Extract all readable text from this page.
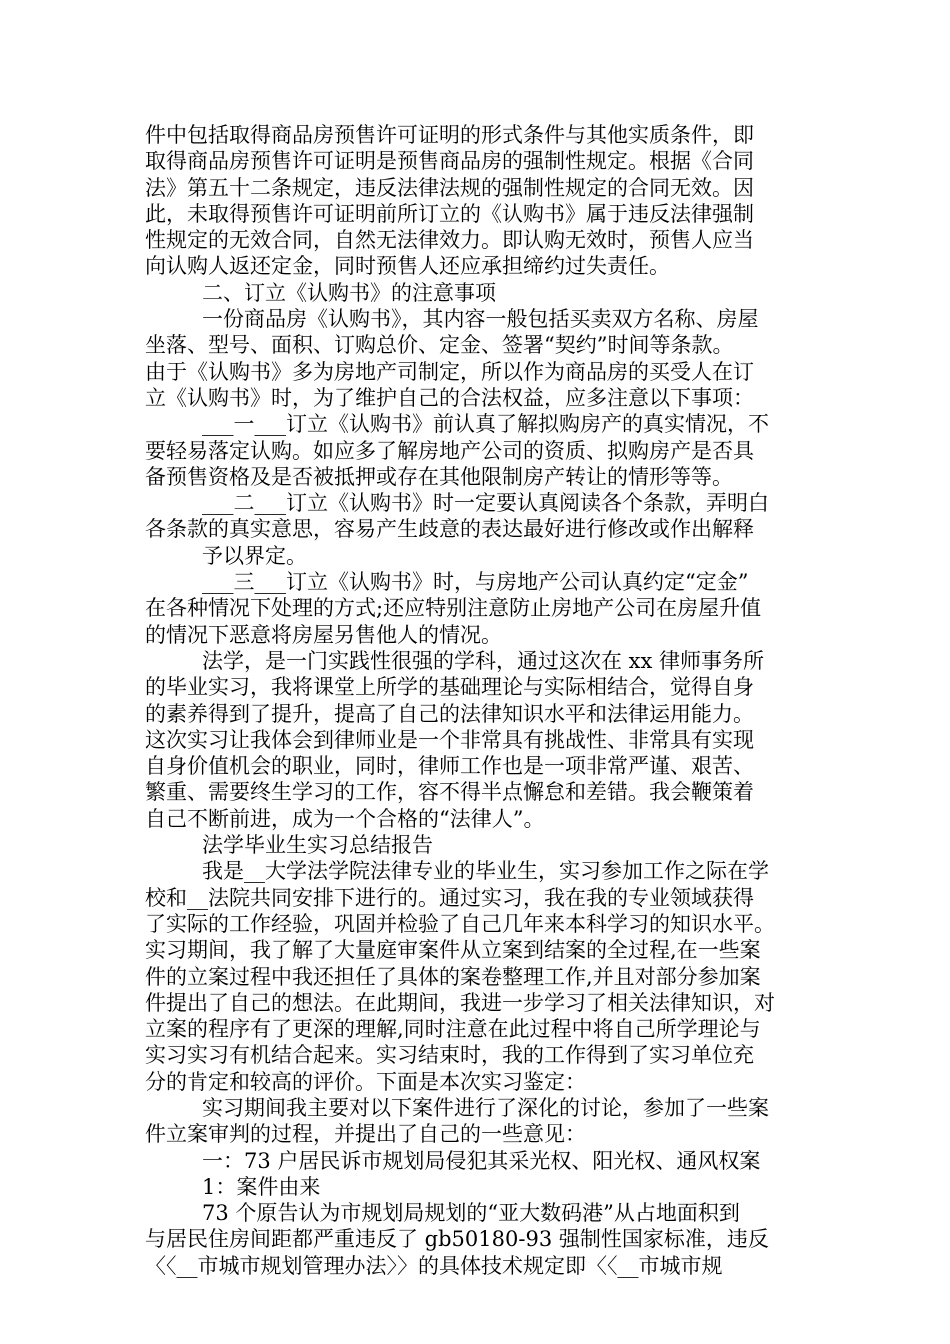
件中包括取得商品房预售许可证明的形式条件与其他实质条件，即
取得商品房预售许可证明是预售商品房的强制性规定。根据《合同
法》第五十二条规定，违反法律法规的强制性规定的合同无效。因
此，未取得预售许可证明前所订立的《认购书》属于违反法律强制
性规定的无效合同，自然无法律效力。即认购无效时，预售人应当
向认购人返还定金，同时预售人还应承担缔约过失责任。
二、订立《认购书》的注意事项
一份商品房《认购书》，其内容一般包括买卖双方名称、房屋
坐落、型号、面积、订购总价、定金、签署“契约”时间等条款。
由于《认购书》多为房地产司制定，所以作为商品房的买受人在订
立《认购书》时，为了维护自己的合法权益，应多注意以下事项：
___一___订立《认购书》前认真了解拟购房产的真实情况，不
要轻易落定认购。如应多了解房地产公司的资质、拟购房产是否具
备预售资格及是否被抵押或存在其他限制房产转让的情形等等。
___二___订立《认购书》时一定要认真阅读各个条款，弄明白
各条款的真实意思，容易产生歧意的表达最好进行修改或作出解释
予以界定。
___三___订立《认购书》时，与房地产公司认真约定“定金”
在各种情况下处理的方式;还应特别注意防止房地产公司在房屋升值
的情况下恶意将房屋另售他人的情况。
法学，是一门实践性很强的学科，通过这次在 xx 律师事务所
的毕业实习，我将课堂上所学的基础理论与实际相结合，觉得自身
的素养得到了提升，提高了自己的法律知识水平和法律运用能力。
这次实习让我体会到律师业是一个非常具有挑战性、非常具有实现
自身价值机会的职业，同时，律师工作也是一项非常严谨、艰苦、
繁重、需要终生学习的工作，容不得半点懈怠和差错。我会鞭策着
自己不断前进，成为一个合格的“法律人”。
法学毕业生实习总结报告
我是__大学法学院法律专业的毕业生，实习参加工作之际在学
校和__法院共同安排下进行的。通过实习，我在我的专业领域获得
了实际的工作经验，巩固并检验了自己几年来本科学习的知识水平。
实习期间，我了解了大量庭审案件从立案到结案的全过程,在一些案
件的立案过程中我还担任了具体的案卷整理工作,并且对部分参加案
件提出了自己的想法。在此期间，我进一步学习了相关法律知识，对
立案的程序有了更深的理解,同时注意在此过程中将自己所学理论与
实习实习有机结合起来。实习结束时，我的工作得到了实习单位充
分的肯定和较高的评价。下面是本次实习鉴定：
实习期间我主要对以下案件进行了深化的讨论，参加了一些案
件立案审判的过程，并提出了自己的一些意见：
一：73 户居民诉市规划局侵犯其采光权、阳光权、通风权案
1：案件由来
73 个原告认为市规划局规划的“亚大数码港”从占地面积到
与居民住房间距都严重违反了 gb50180-93 强制性国家标准，违反
〈〈__市城市规划管理办法〉〉的具体技术规定即〈〈__市城市规
